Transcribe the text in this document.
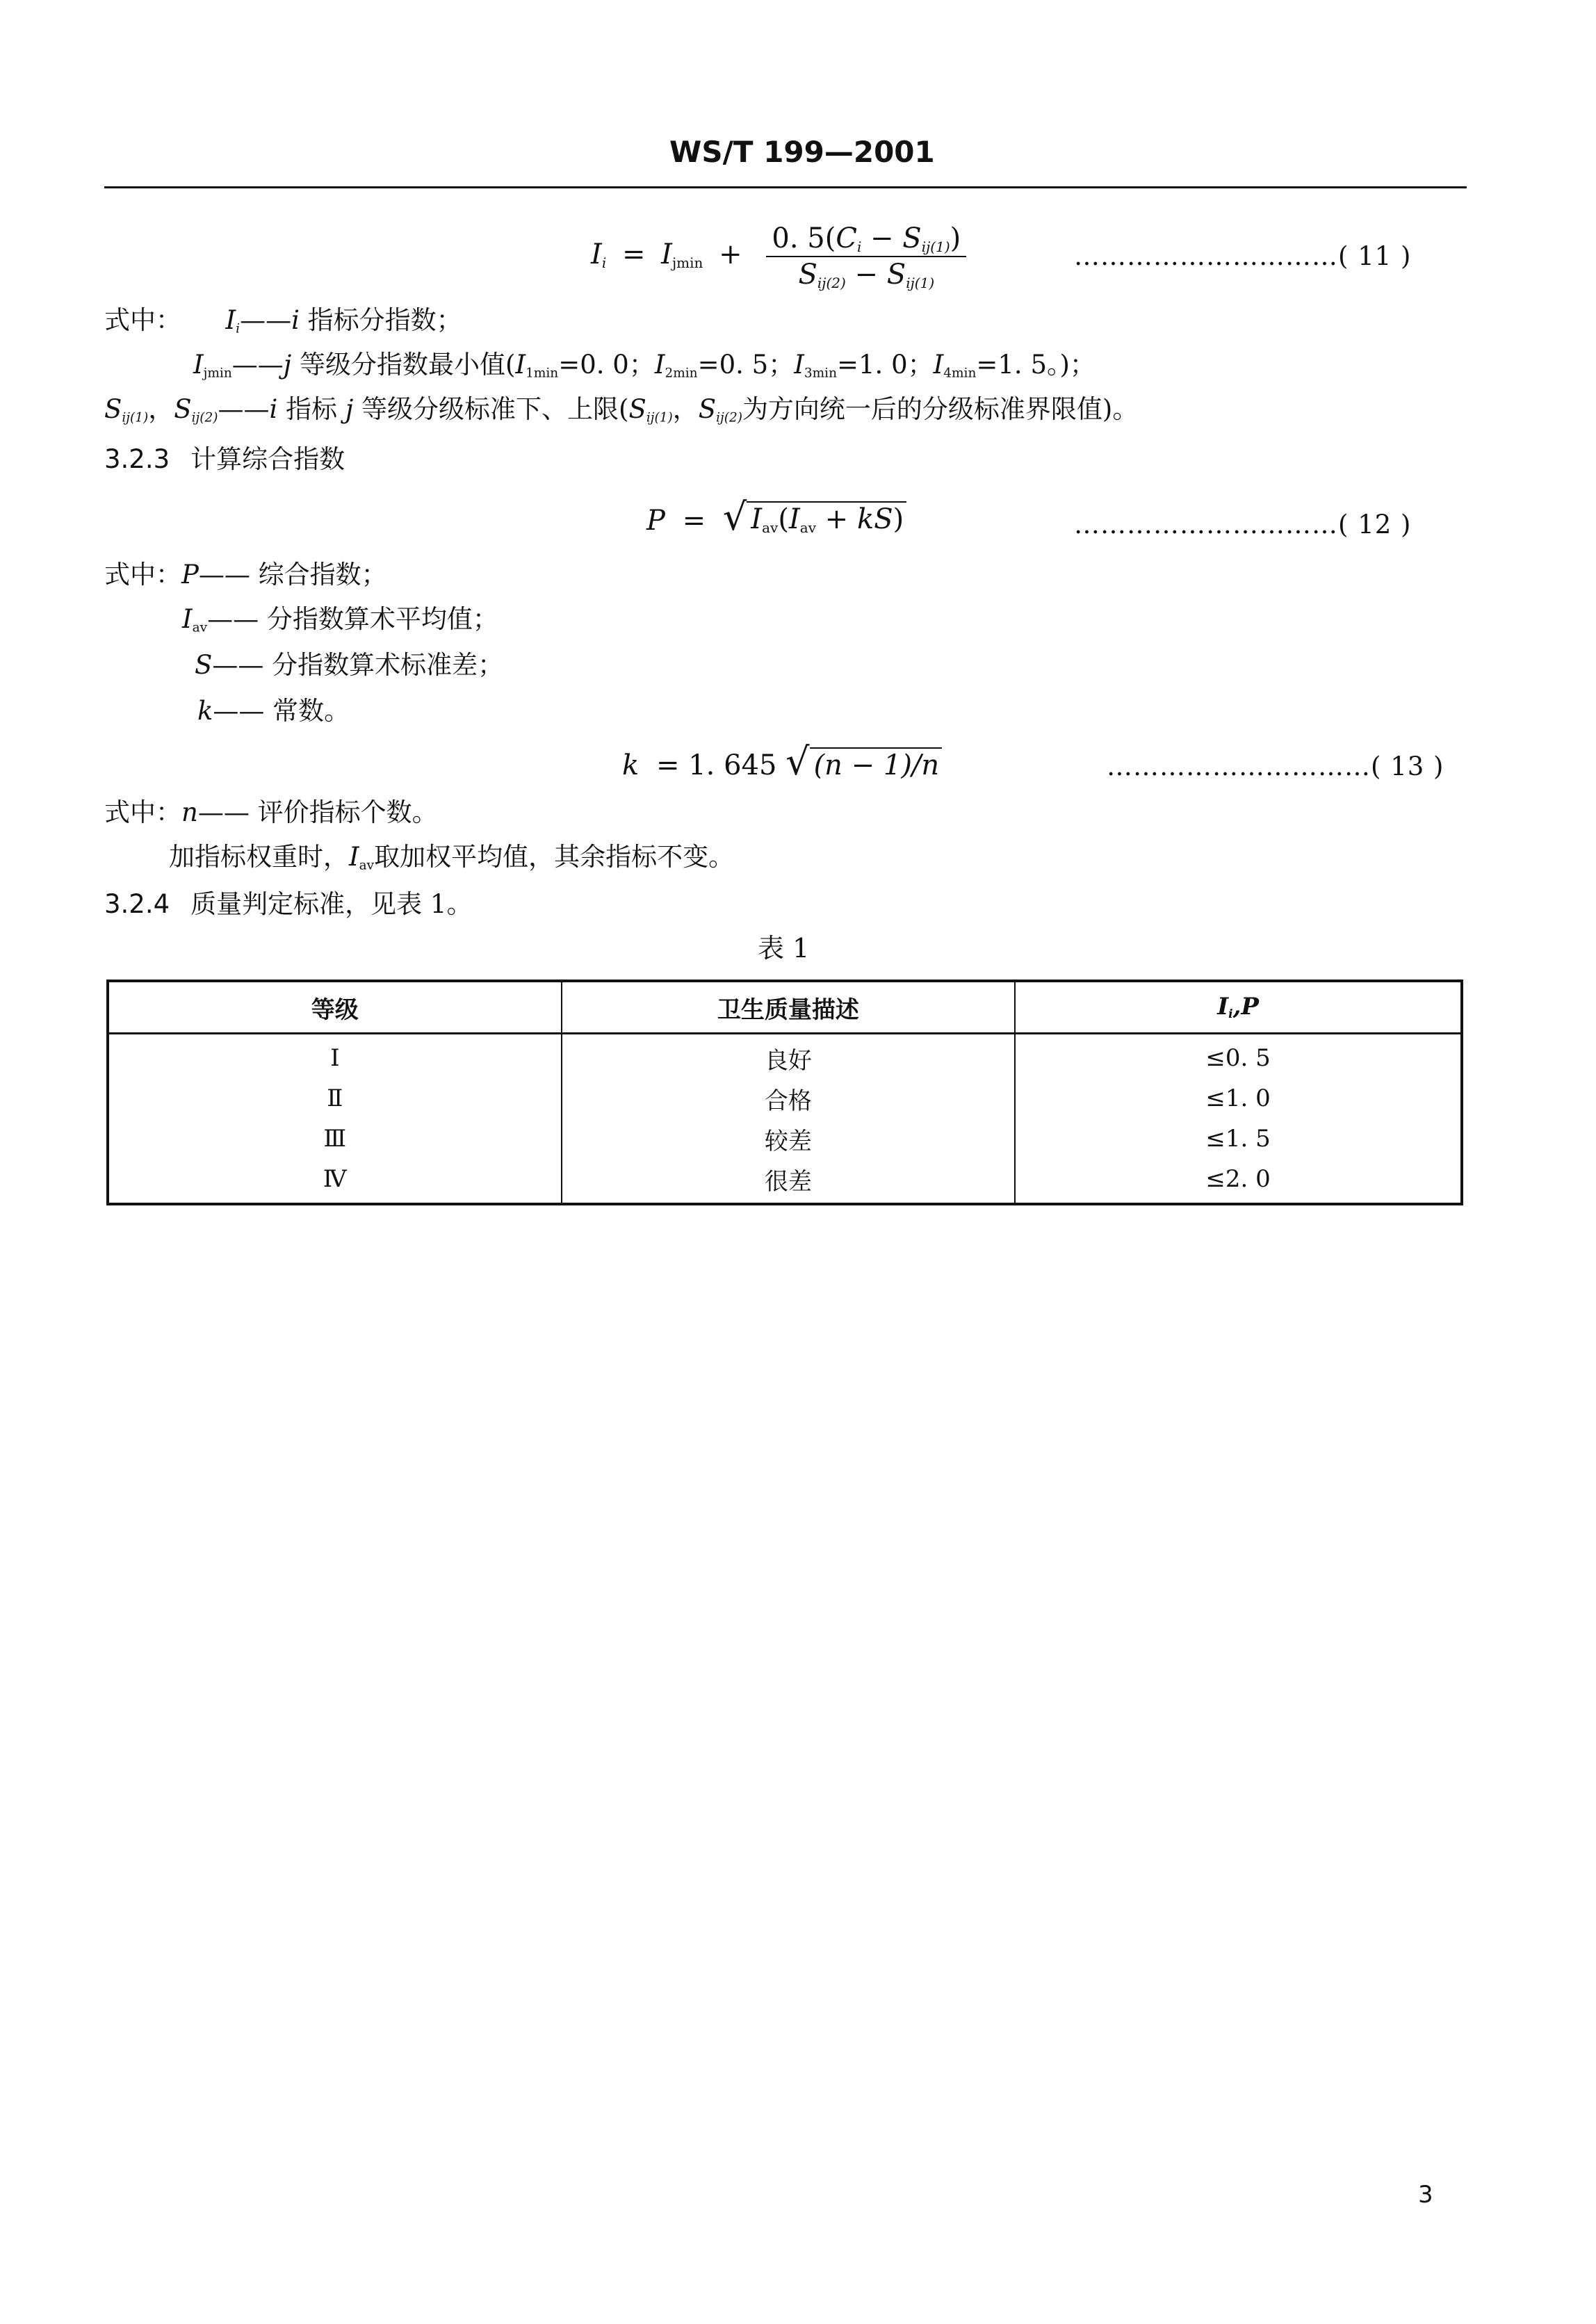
WS/T 199—2001
$I_i = I_{jmin} + \frac{0. 5(C_i - S_{ij(1)})}{S_{ij(2)} - S_{ij(1)}}$	…………………………( 11 )
式中： $I_i——i$ 指标分指数；
$I_{jmin}——j$ 等级分指数最小值($I_{1min}=0$. 0；$I_{2min}=0$. 5；$I_{3min}=1$. 0；$I_{4min}=1$. 5。)；
$S_{ij(1)}$，$S_{ij(2)}——i$ 指标 j 等级分级标准下、上限($S_{ij(1)}$，$S_{ij(2)}$为方向统一后的分级标准界限值)。
3.2.3 计算综合指数
P = √ $I_{av}(I_{av} + kS)$	…………………………( 12 )
式中：P—— 综合指数；
$I_{av}——$ 分指数算术平均值；
S—— 分指数算术标准差；
k—— 常数。
k = 1. 645 √ (n − 1)/n	…………………………( 13 )
式中：n—— 评价指标个数。
加指标权重时，$I_{av}$取加权平均值，其余指标不变。
3.2.4 质量判定标准，见表 1。
表 1
等级	卫生质量描述	$I_i,P$
I	良好	≤0. 5
Ⅱ	合格	≤1. 0
Ⅲ	较差	≤1. 5
Ⅳ	很差	≤2. 0
3
